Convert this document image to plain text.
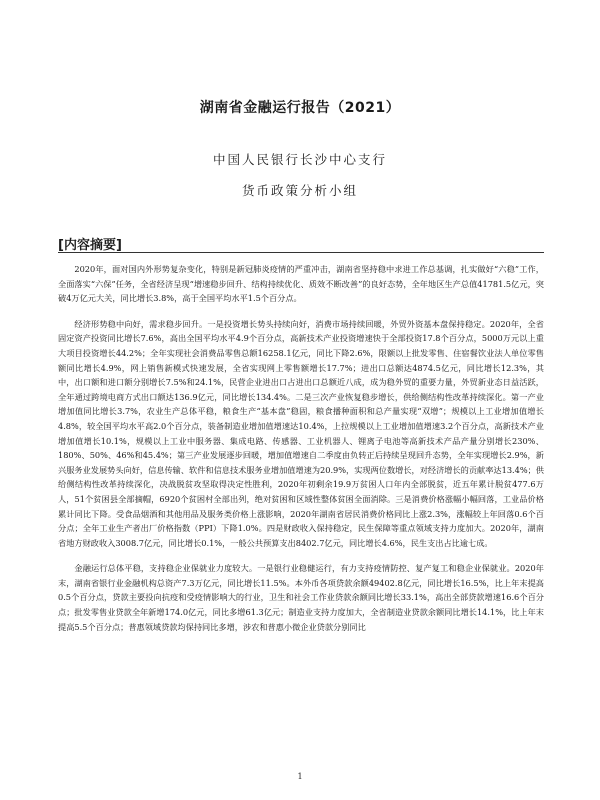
湖南省金融运行报告（2021）
中国人民银行长沙中心支行
货币政策分析小组
[内容摘要]

2020年，面对国内外形势复杂变化，特别是新冠肺炎疫情的严重冲击，湖南省坚持稳中求进工作总基调，扎实做好“六稳”工作，全面落实“六保”任务，全省经济呈现“增速稳步回升、结构持续优化、质效不断改善”的良好态势，全年地区生产总值41781.5亿元，突破4万亿元大关，同比增长3.8%，高于全国平均水平1.5个百分点。

经济形势稳中向好，需求稳步回升。一是投资增长势头持续向好，消费市场持续回暖，外贸外资基本盘保持稳定。2020年，全省固定资产投资同比增长7.6%，高出全国平均水平4.9个百分点，高新技术产业投资增速快于全部投资17.8个百分点，5000万元以上重大项目投资增长44.2%；全年实现社会消费品零售总额16258.1亿元，同比下降2.6%，限额以上批发零售、住宿餐饮业法人单位零售额同比增长4.9%，网上销售新模式快速发展，全省实现网上零售额增长17.7%；进出口总额达4874.5亿元，同比增长12.3%，其中，出口额和进口额分别增长7.5%和24.1%，民营企业进出口占进出口总额近八成，成为稳外贸的重要力量，外贸新业态日益活跃，全年通过跨境电商方式出口额达136.9亿元，同比增长134.4%。二是三次产业恢复稳步增长，供给侧结构性改革持续深化。第一产业增加值同比增长3.7%，农业生产总体平稳，粮食生产“基本盘”稳固，粮食播种面积和总产量实现“双增”；规模以上工业增加值增长4.8%，较全国平均水平高2.0个百分点，装备制造业增加值增速达10.4%，上拉规模以上工业增加值增速3.2个百分点，高新技术产业增加值增长10.1%，规模以上工业中服务器、集成电路、传感器、工业机器人、锂离子电池等高新技术产品产量分别增长230%、180%、50%、46%和45.4%；第三产业发展逐步回暖，增加值增速自二季度由负转正后持续呈现回升态势，全年实现增长2.9%，新兴服务业发展势头向好，信息传输、软件和信息技术服务业增加值增速为20.9%，实现两位数增长，对经济增长的贡献率达13.4%；供给侧结构性改革持续深化，决战脱贫攻坚取得决定性胜利，2020年初剩余19.9万贫困人口年内全部脱贫，近五年累计脱贫477.6万人，51个贫困县全部摘帽，6920个贫困村全部出列，绝对贫困和区域性整体贫困全面消除。三是消费价格涨幅小幅回落，工业品价格累计同比下降。受食品烟酒和其他用品及服务类价格上涨影响，2020年湖南省居民消费价格同比上涨2.3%，涨幅较上年回落0.6个百分点；全年工业生产者出厂价格指数（PPI）下降1.0%。四是财政收入保持稳定，民生保障等重点领域支持力度加大。2020年，湖南省地方财政收入3008.7亿元，同比增长0.1%，一般公共预算支出8402.7亿元，同比增长4.6%，民生支出占比逾七成。

金融运行总体平稳，支持稳企业保就业力度较大。一是银行业稳健运行，有力支持疫情防控、复产复工和稳企业保就业。2020年末，湖南省银行业金融机构总资产7.3万亿元，同比增长11.5%。本外币各项贷款余额49402.8亿元，同比增长16.5%，比上年末提高0.5个百分点，贷款主要投向抗疫和受疫情影响大的行业，卫生和社会工作业贷款余额同比增长33.1%，高出全部贷款增速16.6个百分点；批发零售业贷款全年新增174.0亿元，同比多增61.3亿元；制造业支持力度加大，全省制造业贷款余额同比增长14.1%，比上年末提高5.5个百分点；普惠领域贷款均保持同比多增，涉农和普惠小微企业贷款分别同比

1
